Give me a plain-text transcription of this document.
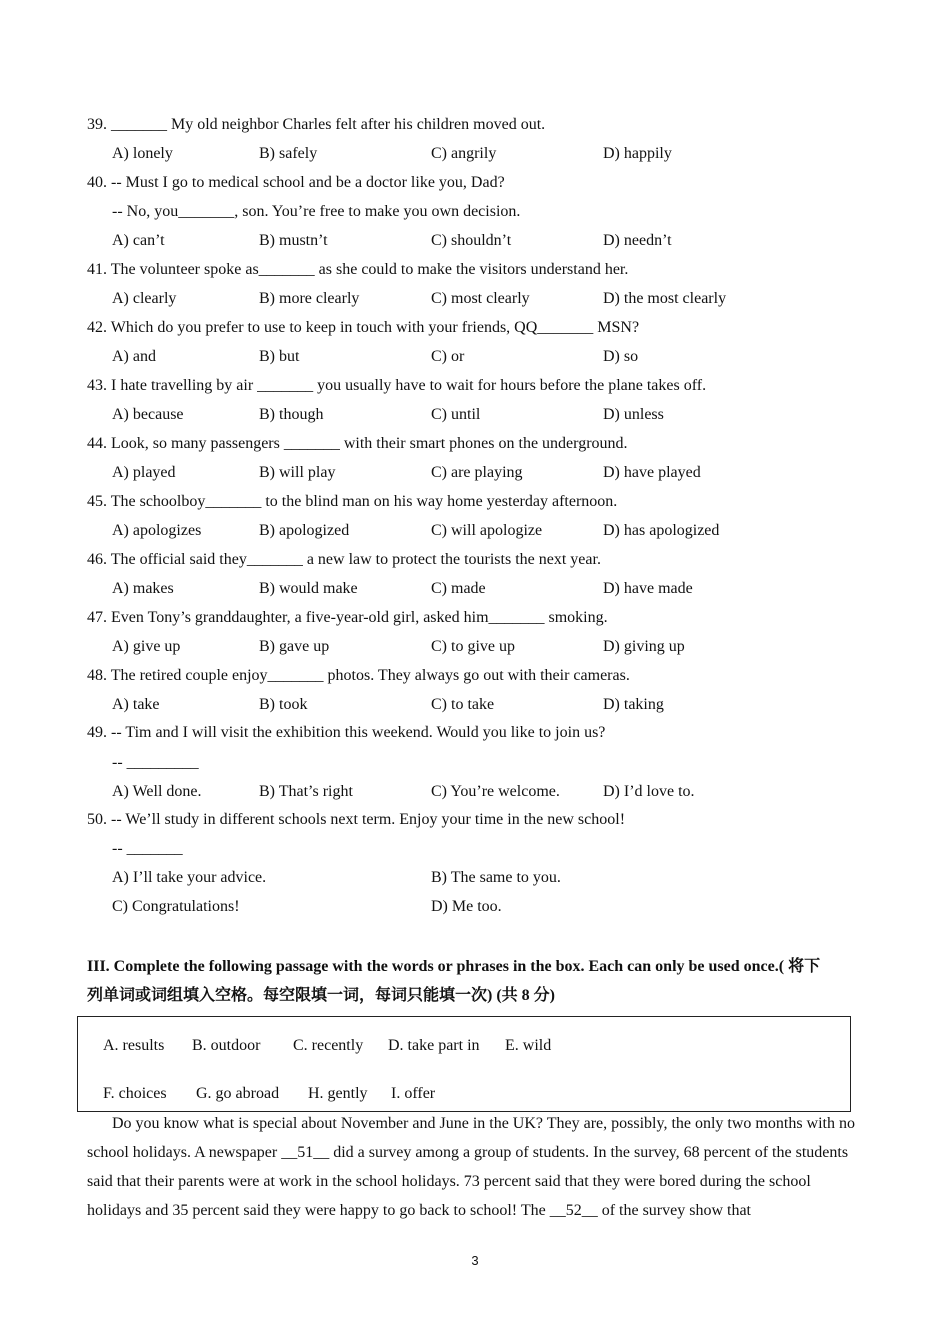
39. _______ My old neighbor Charles felt after his children moved out.
A) lonely	B) safely	C) angrily	D) happily
40. -- Must I go to medical school and be a doctor like you, Dad?
-- No, you_______, son. You’re free to make you own decision.
A) can’t	B) mustn’t	C) shouldn’t	D) needn’t
41. The volunteer spoke as_______ as she could to make the visitors understand her.
A) clearly	B) more clearly	C) most clearly	D) the most clearly
42. Which do you prefer to use to keep in touch with your friends, QQ_______ MSN?
A) and	B) but	C) or	D) so
43. I hate travelling by air _______ you usually have to wait for hours before the plane takes off.
A) because	B) though	C) until	D) unless
44. Look, so many passengers _______ with their smart phones on the underground.
A) played	B) will play	C) are playing	D) have played
45. The schoolboy_______ to the blind man on his way home yesterday afternoon.
A) apologizes	B) apologized	C) will apologize	D) has apologized
46. The official said they_______ a new law to protect the tourists the next year.
A) makes	B) would make	C) made	D) have made
47. Even Tony’s granddaughter, a five-year-old girl, asked him_______ smoking.
A) give up	B) gave up	C) to give up	D) giving up
48. The retired couple enjoy_______ photos. They always go out with their cameras.
A) take	B) took	C) to take	D) taking
49. -- Tim and I will visit the exhibition this weekend. Would you like to join us?
-- _________
A) Well done.	B) That’s right	C) You’re welcome.	D) I’d love to.
50. -- We’ll study in different schools next term. Enjoy your time in the new school!
-- _______
A) I’ll take your advice.	B) The same to you.
C) Congratulations!	D) Me too.
III. Complete the following passage with the words or phrases in the box. Each can only be used once.( 将下
列单词或词组填入空格。每空限填一词，每词只能填一次) (共 8 分)
A. results B. outdoor C. recently D. take part in E. wild
F. choices G. go abroad H. gently I. offer

Do you know what is special about November and June in the UK? They are, possibly, the only two months with no school holidays. A newspaper __51__ did a survey among a group of students. In the survey, 68 percent of the students said that their parents were at work in the school holidays. 73 percent said that they were bored during the school holidays and 35 percent said they were happy to go back to school! The __52__ of the survey show that

3
